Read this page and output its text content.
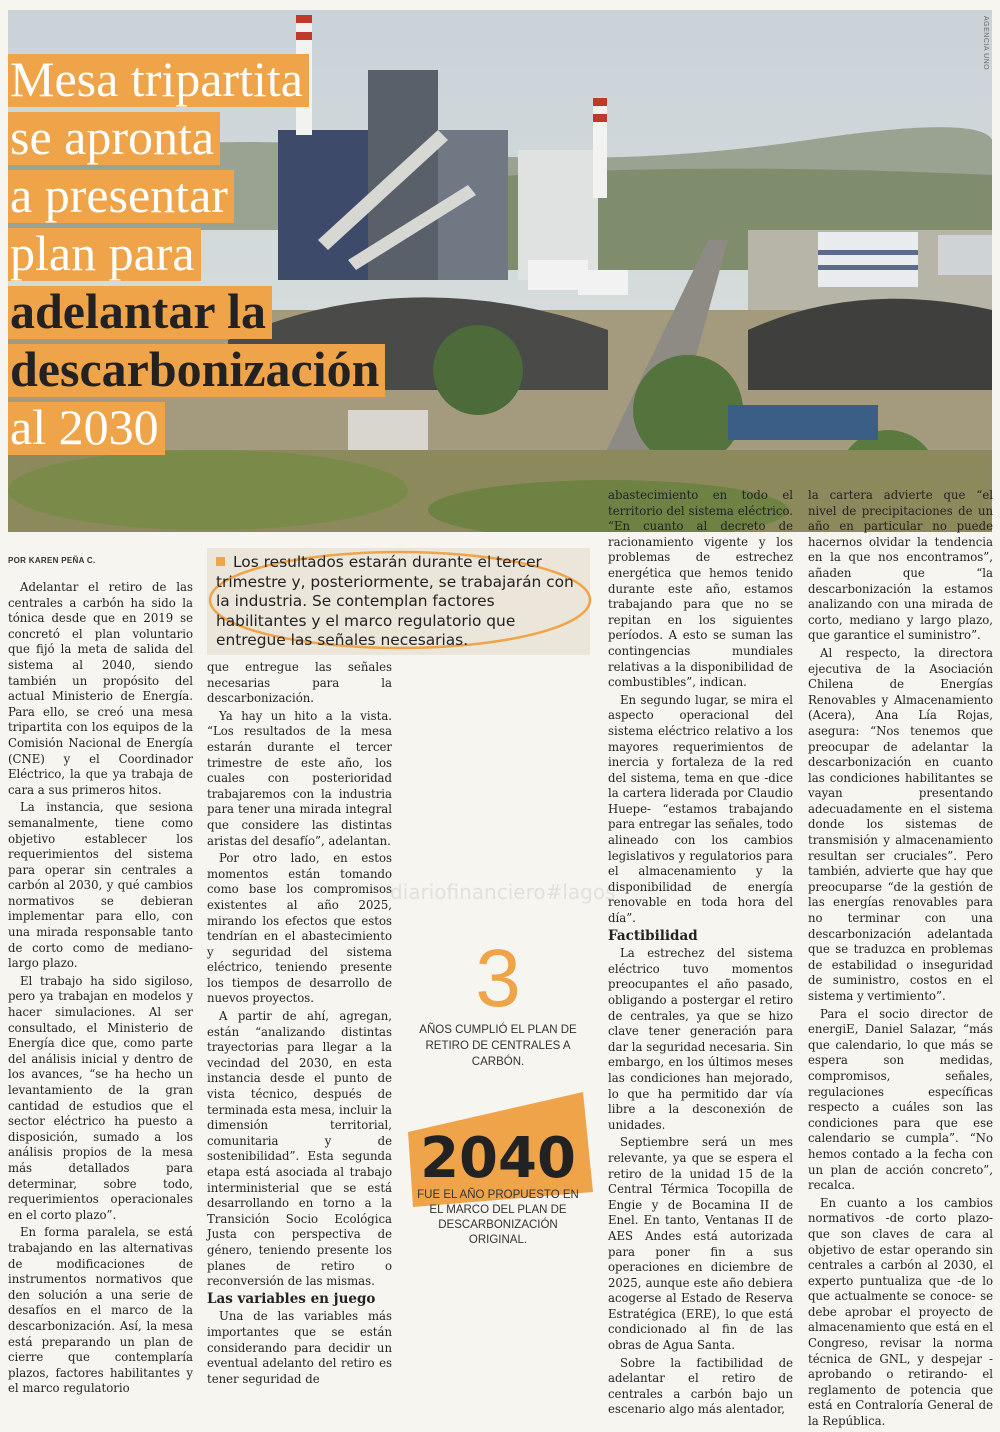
AGENCIA UNO
Mesa tripartita
se apronta
a presentar
plan para
adelantar la
descarbonización
al 2030
POR KAREN PEÑA C.	Los resultados estarán durante el tercer trimestre y, posteriormente, se trabajarán con la industria. Se contemplan factores habilitantes y el marco regulatorio que entregue las señales necesarias.

Adelantar el retiro de las centrales a carbón ha sido la tónica desde que en 2019 se concretó el plan voluntario que fijó la meta de salida del sistema al 2040, siendo también un propósito del actual Ministerio de Energía. Para ello, se creó una mesa tripartita con los equipos de la Comisión Nacional de Energía (CNE) y el Coordinador Eléctrico, la que ya trabaja de cara a sus primeros hitos.

La instancia, que sesiona semanalmente, tiene como objetivo establecer los requerimientos del sistema para operar sin centrales a carbón al 2030, y qué cambios normativos se debieran implementar para ello, con una mirada responsable tanto de corto como de mediano-largo plazo.

El trabajo ha sido sigiloso, pero ya trabajan en modelos y hacer simulaciones. Al ser consultado, el Ministerio de Energía dice que, como parte del análisis inicial y dentro de los avances, “se ha hecho un levantamiento de la gran cantidad de estudios que el sector eléctrico ha puesto a disposición, sumado a los análisis propios de la mesa más detallados para determinar, sobre todo, requerimientos operacionales en el corto plazo”.

En forma paralela, se está trabajando en las alternativas de modificaciones de instrumentos normativos que den solución a una serie de desafíos en el marco de la descarbonización. Así, la mesa está preparando un plan de cierre que contemplaría plazos, factores habilitantes y el marco regulatorio

que entregue las señales necesarias para la descarbonización.

Ya hay un hito a la vista. “Los resultados de la mesa estarán durante el tercer trimestre de este año, los cuales con posterioridad trabajaremos con la industria para tener una mirada integral que considere las distintas aristas del desafío”, adelantan.

Por otro lado, en estos momentos están tomando como base los compromisos existentes al año 2025, mirando los efectos que estos tendrían en el abastecimiento y seguridad del sistema eléctrico, teniendo presente los tiempos de desarrollo de nuevos proyectos.

A partir de ahí, agregan, están “analizando distintas trayectorias para llegar a la vecindad del 2030, en esta instancia desde el punto de vista técnico, después de terminada esta mesa, incluir la dimensión territorial, comunitaria y de sostenibilidad”. Esta segunda etapa está asociada al trabajo interministerial que se está desarrollando en torno a la Transición Socio Ecológica Justa con perspectiva de género, teniendo presente los planes de retiro o reconversión de las mismas.

Las variables en juego

Una de las variables más importantes que se están considerando para decidir un eventual adelanto del retiro es tener seguridad de

abastecimiento en todo el territorio del sistema eléctrico. “En cuanto al decreto de racionamiento vigente y los problemas de estrechez energética que hemos tenido durante este año, estamos trabajando para que no se repitan en los siguientes períodos. A esto se suman las contingencias mundiales relativas a la disponibilidad de combustibles”, indican.

En segundo lugar, se mira el aspecto operacional del sistema eléctrico relativo a los mayores requerimientos de inercia y fortaleza de la red del sistema, tema en que -dice la cartera liderada por Claudio Huepe- “estamos trabajando para entregar las señales, todo alineado con los cambios legislativos y regulatorios para el almacenamiento y la disponibilidad de energía renovable en toda hora del día”.

Factibilidad

La estrechez del sistema eléctrico tuvo momentos preocupantes el año pasado, obligando a postergar el retiro de centrales, ya que se hizo clave tener generación para dar la seguridad necesaria. Sin embargo, en los últimos meses las condiciones han mejorado, lo que ha permitido dar vía libre a la desconexión de unidades.

Septiembre será un mes relevante, ya que se espera el retiro de la unidad 15 de la Central Térmica Tocopilla de Engie y de Bocamina II de Enel. En tanto, Ventanas II de AES Andes está autorizada para poner fin a sus operaciones en diciembre de 2025, aunque este año debiera acogerse al Estado de Reserva Estratégica (ERE), lo que está condicionado al fin de las obras de Agua Santa.

Sobre la factibilidad de adelantar el retiro de centrales a carbón bajo un escenario algo más alentador,

la cartera advierte que “el nivel de precipitaciones de un año en particular no puede hacernos olvidar la tendencia en la que nos encontramos”, añaden que “la descarbonización la estamos analizando con una mirada de corto, mediano y largo plazo, que garantice el suministro”.

Al respecto, la directora ejecutiva de la Asociación Chilena de Energías Renovables y Almacenamiento (Acera), Ana Lía Rojas, asegura: “Nos tenemos que preocupar de adelantar la descarbonización en cuanto las condiciones habilitantes se vayan presentando adecuadamente en el sistema donde los sistemas de transmisión y almacenamiento resultan ser cruciales”. Pero también, advierte que hay que preocuparse “de la gestión de las energías renovables para no terminar con una descarbonización adelantada que se traduzca en problemas de estabilidad o inseguridad de suministro, costos en el sistema y vertimiento”.

Para el socio director de energiE, Daniel Salazar, “más que calendario, lo que más se espera son medidas, compromisos, señales, regulaciones específicas respecto a cuáles son las condiciones para que ese calendario se cumpla”. “No hemos contado a la fecha con un plan de acción concreto”, recalca.

En cuanto a los cambios normativos -de corto plazo- que son claves de cara al objetivo de estar operando sin centrales a carbón al 2030, el experto puntualiza que -de lo que actualmente se conoce- se debe aprobar el proyecto de almacenamiento que está en el Congreso, revisar la norma técnica de GNL, y despejar -aprobando o retirando- el reglamento de potencia que está en Contraloría General de la República.

diariofinanciero#lagos
3
AÑOS CUMPLIÓ EL PLAN DE RETIRO DE CENTRALES A CARBÓN.
2040
FUE EL AÑO PROPUESTO EN EL MARCO DEL PLAN DE DESCARBONIZACIÓN ORIGINAL.
